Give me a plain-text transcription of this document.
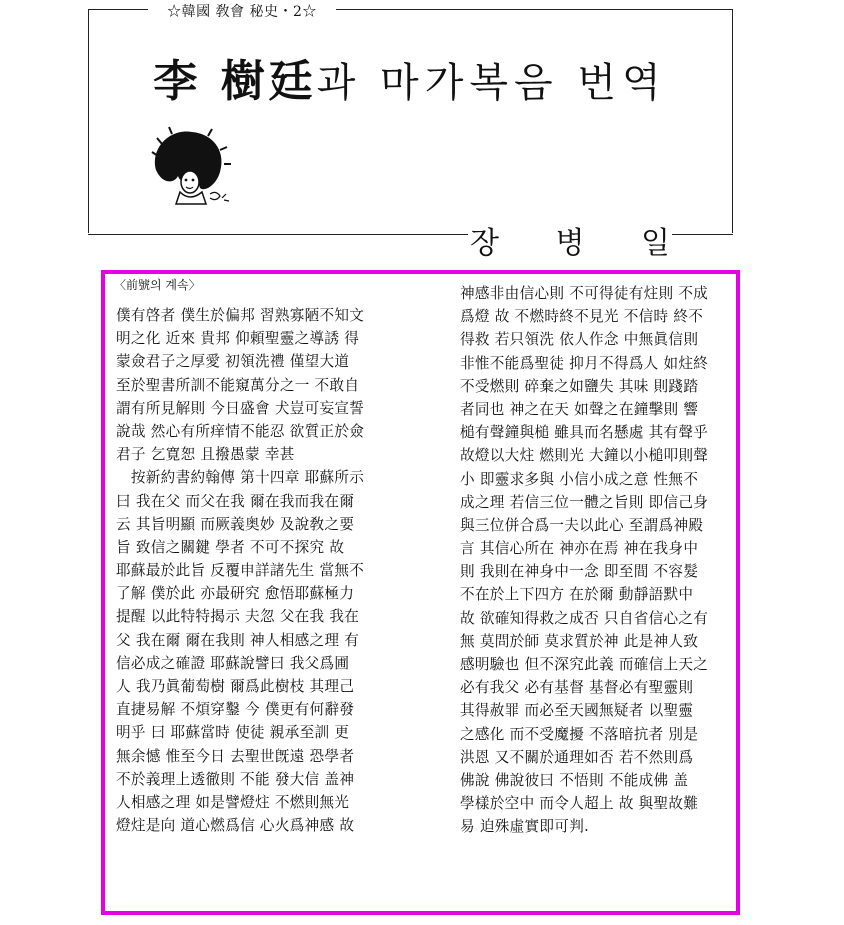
☆韓國 敎會 秘史・2☆
李 樹廷과 마가복음 번역
장 병 일
〈前號의 계속〉
僕有啓者 僕生於偏邦 習熟寡陋不知文
明之化 近來 貴邦 仰頼聖靈之導誘 得
蒙僉君子之厚愛 初領洗禮 僅望大道
至於聖書所訓不能窺萬分之一 不敢自
謂有所見解則 今日盛會 犬豈可妄宣誓
說哉 然心有所痒情不能忍 欲質正於僉
君子 乞寛恕 且撥愚蒙 幸甚
　按新約書約翰傳 第十四章 耶蘇所示
曰 我在父 而父在我 爾在我而我在爾
云 其旨明顯 而厥義奥妙 及說敎之要
旨 致信之關鍵 學者 不可不探究 故
耶蘇最於此旨 反覆申詳諸先生 當無不
了解 僕於此 亦最研究 愈悟耶蘇極力
提醒 以此特特揭示 夫忽 父在我 我在
父 我在爾 爾在我則 神人相感之理 有
信必成之確證 耶蘇說譬曰 我父爲圃
人 我乃眞葡萄樹 爾爲此樹枝 其理己
直捷易解 不煩穿鑿 今 僕更有何辭發
明乎 曰 耶蘇當時 使徒 親承至訓 更
無余憾 惟至今日 去聖世旣遠 恐學者
不於義理上透徹則 不能 發大信 盖神
人相感之理 如是譬燈炷 不燃則無光
燈炷是向 道心燃爲信 心火爲神感 故
神感非由信心則 不可得徒有炷則 不成
爲燈 故 不燃時終不見光 不信時 終不
得救 若只領洗 依人作念 中無眞信則
非惟不能爲聖徒 抑月不得爲人 如炷終
不受燃則 碎棄之如鹽失 其味 則踐踏
者同也 神之在天 如聲之在鐘擊則 響
槌有聲鐘與槌 雖具而名懸處 其有聲乎
故燈以大炷 燃則光 大鐘以小槌叩則聲
小 即靈求多與 小信小成之意 性無不
成之理 若信三位一體之旨則 即信己身
與三位併合爲一夫以此心 至謂爲神殿
言 其信心所在 神亦在焉 神在我身中
則 我則在神身中一念 即至間 不容髮
不在於上下四方 在於爾 動靜語默中
故 欲確知得救之成否 只自省信心之有
無 莫問於師 莫求質於神 此是神人致
感明驗也 但不深究此義 而確信上天之
必有我父 必有基督 基督必有聖靈則
其得赦罪 而必至天國無疑者 以聖靈
之感化 而不受魔擾 不落暗抗者 別是
洪恩 又不關於通理如否 若不然則爲
佛說 佛說彼曰 不悟則 不能成佛 盖
學樣於空中 而令人超上 故 與聖故難
易 迫殊虛實即可判.
